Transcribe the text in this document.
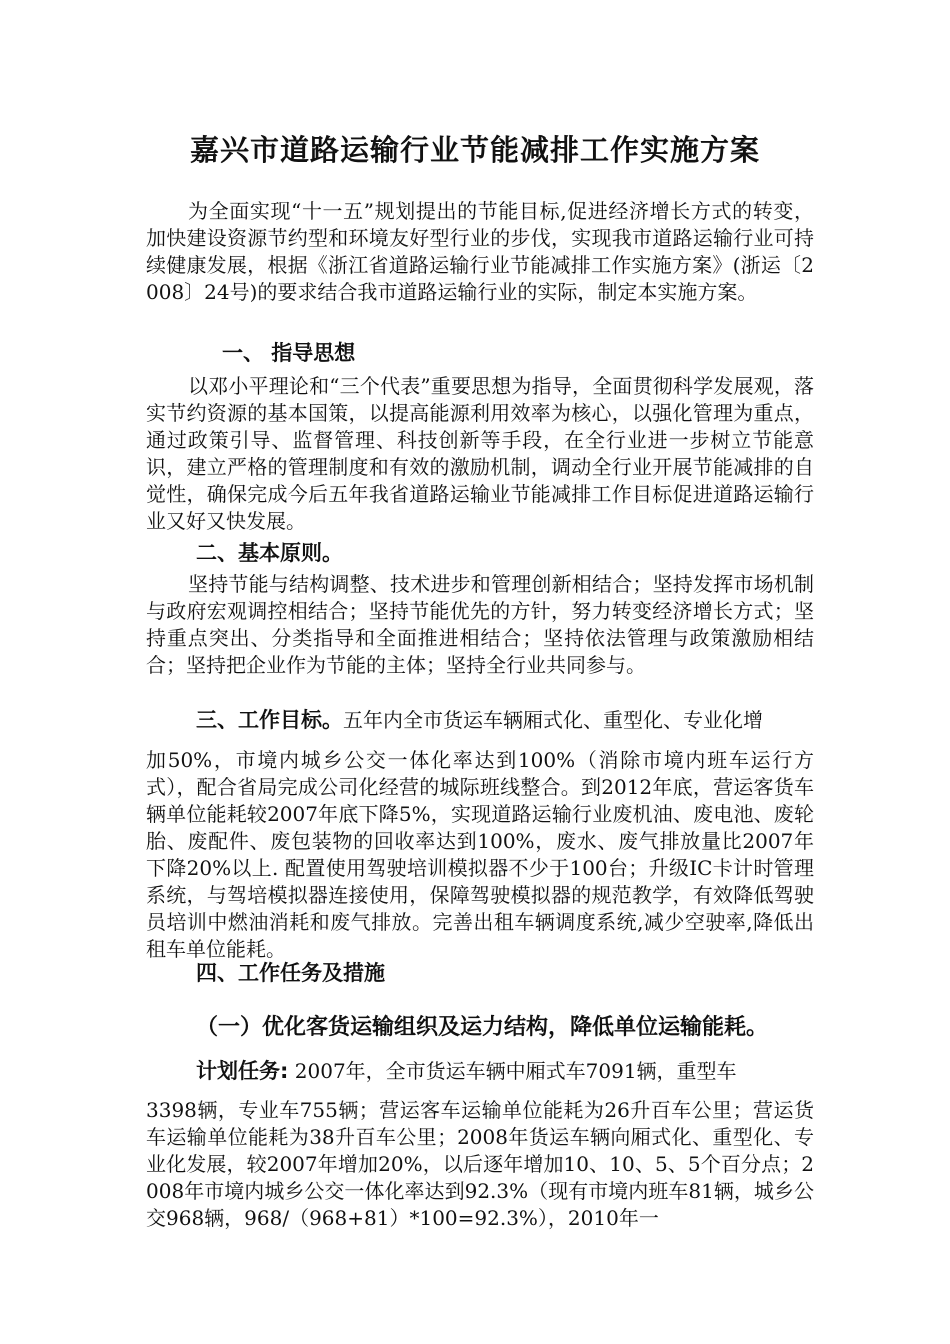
嘉兴市道路运输行业节能减排工作实施方案
为全面实现“十一五”规划提出的节能目标,促进经济增长方式的转变，加快建设资源节约型和环境友好型行业的步伐，实现我市道路运输行业可持续健康发展，根据《浙江省道路运输行业节能减排工作实施方案》(浙运〔2008〕24号)的要求结合我市道路运输行业的实际，制定本实施方案。
一、 指导思想
以邓小平理论和“三个代表”重要思想为指导，全面贯彻科学发展观，落实节约资源的基本国策，以提高能源利用效率为核心，以强化管理为重点，通过政策引导、监督管理、科技创新等手段，在全行业进一步树立节能意识，建立严格的管理制度和有效的激励机制，调动全行业开展节能减排的自觉性，确保完成今后五年我省道路运输业节能减排工作目标促进道路运输行业又好又快发展。
二、基本原则。
坚持节能与结构调整、技术进步和管理创新相结合；坚持发挥市场机制与政府宏观调控相结合；坚持节能优先的方针，努力转变经济增长方式；坚持重点突出、分类指导和全面推进相结合；坚持依法管理与政策激励相结合；坚持把企业作为节能的主体；坚持全行业共同参与。
三、工作目标。五年内全市货运车辆厢式化、重型化、专业化增
加50%，市境内城乡公交一体化率达到100%（消除市境内班车运行方式），配合省局完成公司化经营的城际班线整合。到2012年底，营运客货车辆单位能耗较2007年底下降5%，实现道路运输行业废机油、废电池、废轮胎、废配件、废包装物的回收率达到100%，废水、废气排放量比2007年下降20%以上. 配置使用驾驶培训模拟器不少于100台；升级IC卡计时管理系统，与驾培模拟器连接使用，保障驾驶模拟器的规范教学，有效降低驾驶员培训中燃油消耗和废气排放。完善出租车辆调度系统,减少空驶率,降低出租车单位能耗。
四、工作任务及措施
（一）优化客货运输组织及运力结构，降低单位运输能耗。
计划任务: 2007年，全市货运车辆中厢式车7091辆，重型车
3398辆，专业车755辆；营运客车运输单位能耗为26升百车公里；营运货车运输单位能耗为38升百车公里；2008年货运车辆向厢式化、重型化、专业化发展，较2007年增加20%，以后逐年增加10、10、5、5个百分点；2008年市境内城乡公交一体化率达到92.3%（现有市境内班车81辆，城乡公交968辆，968/（968+81）*100=92.3%），2010年一
